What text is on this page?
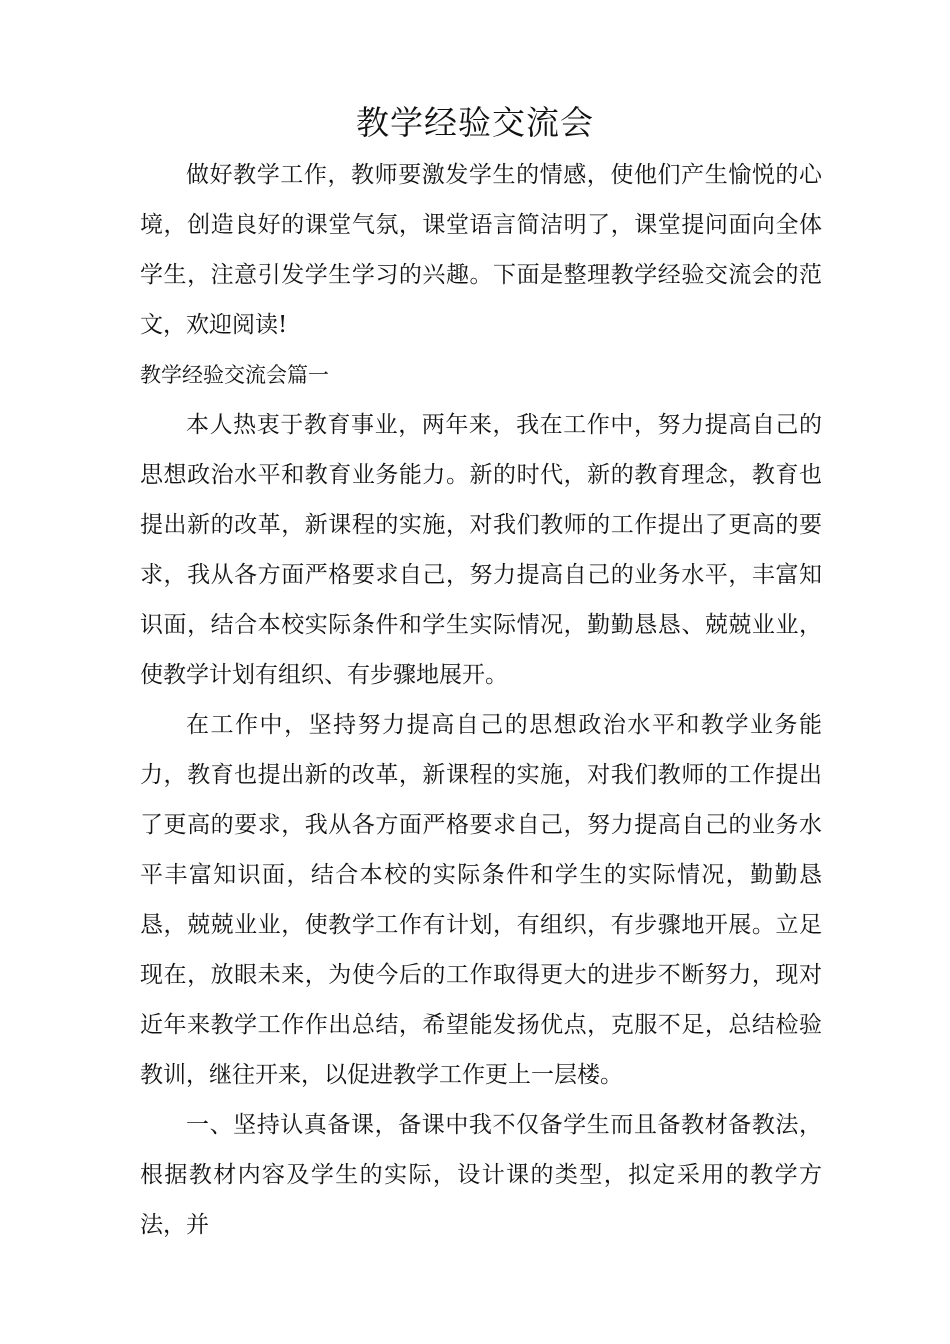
教学经验交流会

做好教学工作，教师要激发学生的情感，使他们产生愉悦的心境，创造良好的课堂气氛，课堂语言简洁明了，课堂提问面向全体学生，注意引发学生学习的兴趣。下面是整理教学经验交流会的范文，欢迎阅读!

教学经验交流会篇一

本人热衷于教育事业，两年来，我在工作中，努力提高自己的思想政治水平和教育业务能力。新的时代，新的教育理念，教育也提出新的改革，新课程的实施，对我们教师的工作提出了更高的要求，我从各方面严格要求自己，努力提高自己的业务水平，丰富知识面，结合本校实际条件和学生实际情况，勤勤恳恳、兢兢业业，使教学计划有组织、有步骤地展开。

在工作中，坚持努力提高自己的思想政治水平和教学业务能力，教育也提出新的改革，新课程的实施，对我们教师的工作提出了更高的要求，我从各方面严格要求自己，努力提高自己的业务水平丰富知识面，结合本校的实际条件和学生的实际情况，勤勤恳恳，兢兢业业，使教学工作有计划，有组织，有步骤地开展。立足现在，放眼未来，为使今后的工作取得更大的进步不断努力，现对近年来教学工作作出总结，希望能发扬优点，克服不足，总结检验教训，继往开来，以促进教学工作更上一层楼。

一、坚持认真备课，备课中我不仅备学生而且备教材备教法，根据教材内容及学生的实际，设计课的类型，拟定采用的教学方法，并
